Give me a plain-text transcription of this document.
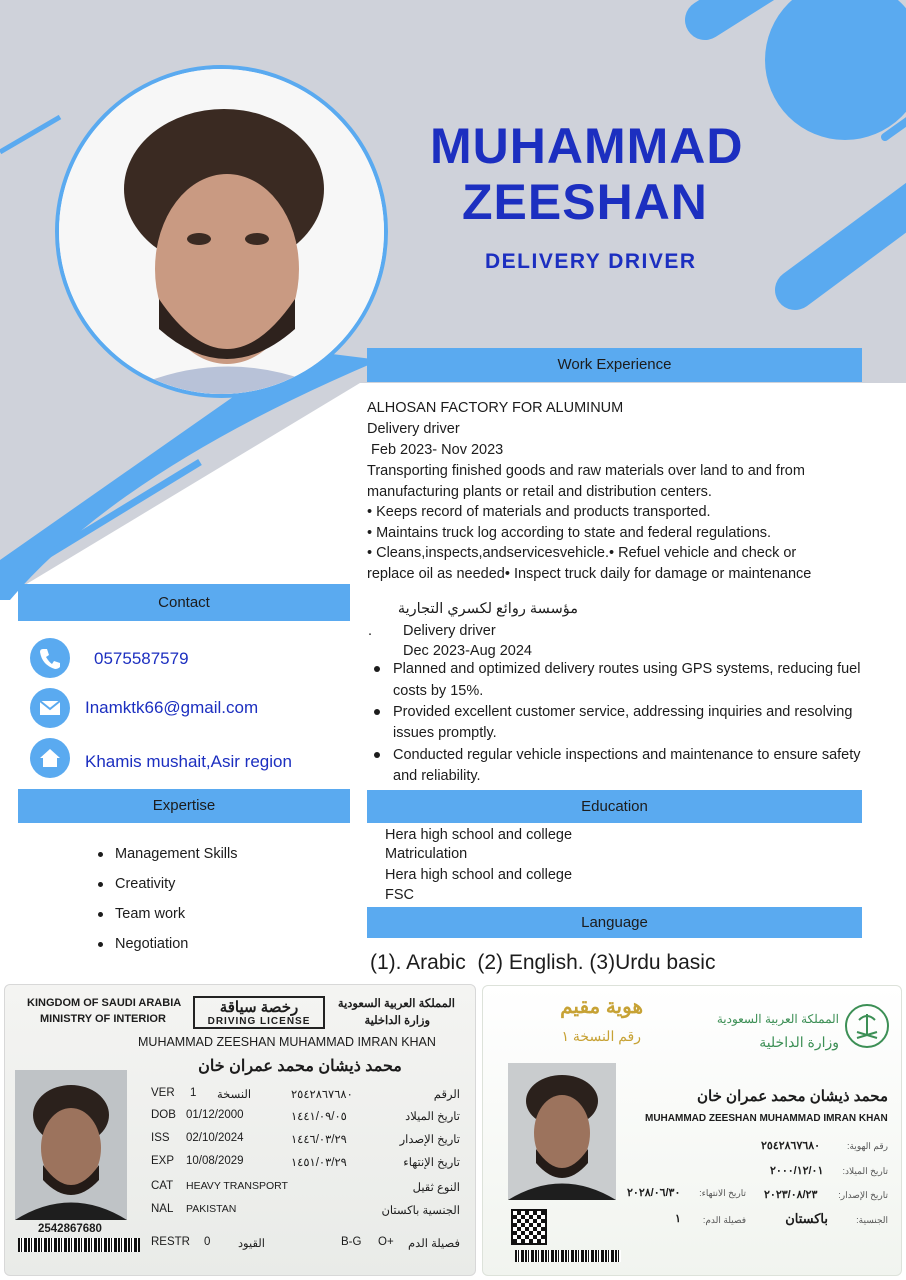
MUHAMMAD
ZEESHAN
DELIVERY DRIVER
Work Experience
ALHOSAN FACTORY FOR ALUMINUM
Delivery driver
Feb 2023- Nov 2023
Transporting finished goods and raw materials over land to and from
manufacturing plants or retail and distribution centers.
• Keeps record of materials and products transported.
• Maintains truck log according to state and federal regulations.
• Cleans,inspects,andservicesvehicle.• Refuel vehicle and check or
replace oil as needed• Inspect truck daily for damage or maintenance
مؤسسة روائع لكسري التجارية
. Delivery driver
Dec 2023-Aug 2024
Planned and optimized delivery routes using GPS systems, reducing fuel
costs by 15%.
Provided excellent customer service, addressing inquiries and resolving
issues promptly.
Conducted regular vehicle inspections and maintenance to ensure safety
and reliability.
Contact
0575587579
Inamktk66@gmail.com
Khamis mushait,Asir region
Expertise
Management Skills
Creativity
Team work
Negotiation
Education
Hera high school and college
Matriculation
Hera high school and college
FSC
Language
(1). Arabic  (2) English. (3)Urdu basic
KINGDOM OF SAUDI ARABIA
MINISTRY OF INTERIOR
رخصة سياقة
DRIVING LICENSE
المملكة العربية السعودية
وزارة الداخلية
MUHAMMAD ZEESHAN MUHAMMAD IMRAN KHAN
محمد ذيشان محمد عمران خان
2542867680
VER 1 النسخة	٢٥٤٢٨٦٧٦٨٠	الرقم
DOB 01/12/2000	١٤٤١/٠٩/٠٥	تاريخ الميلاد
ISS 02/10/2024	١٤٤٦/٠٣/٢٩	تاريخ الإصدار
EXP 10/08/2029	١٤٥١/٠٣/٢٩	تاريخ الإنتهاء
CAT HEAVY TRANSPORT	النوع ثقيل
NAL PAKISTAN	الجنسية باكستان
RESTR 0	القيود	B-G O+	فصيلة الدم
هوية مقيم
رقم النسخة ١
المملكة العربية السعودية
وزارة الداخلية
محمد ذيشان محمد عمران خان
MUHAMMAD ZEESHAN MUHAMMAD IMRAN KHAN
رقم الهوية:
٢٥٤٢٨٦٧٦٨٠
تاريخ الميلاد:
٢٠٠٠/١٢/٠١
تاريخ الإصدار:
٢٠٢٣/٠٨/٢٣
تاريخ الانتهاء:
٢٠٢٨/٠٦/٣٠
الجنسية:
باكستان
فصيلة الدم:
١
